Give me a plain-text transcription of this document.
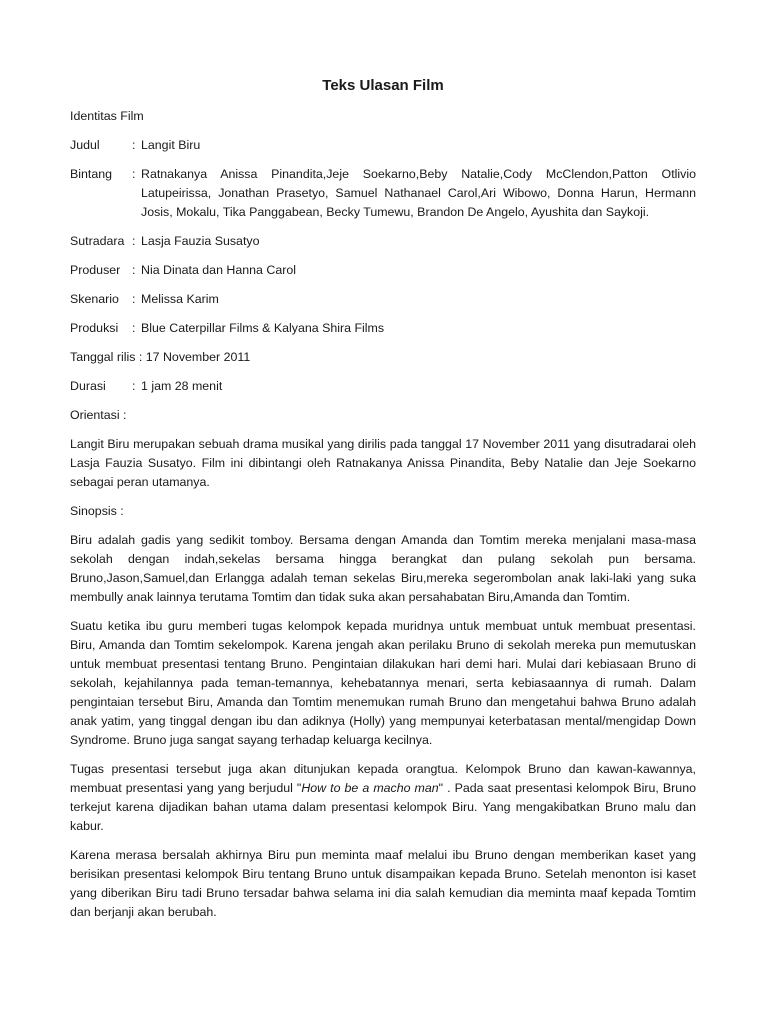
Teks Ulasan Film
Identitas Film
Judul	: Langit Biru
Bintang	: Ratnakanya Anissa Pinandita,Jeje Soekarno,Beby Natalie,Cody McClendon,Patton Otlivio Latupeirissa, Jonathan Prasetyo, Samuel Nathanael Carol,Ari Wibowo, Donna Harun, Hermann Josis, Mokalu, Tika Panggabean, Becky Tumewu, Brandon De Angelo, Ayushita dan Saykoji.
Sutradara : Lasja Fauzia Susatyo
Produser : Nia Dinata dan Hanna Carol
Skenario	: Melissa Karim
Produksi	: Blue Caterpillar Films & Kalyana Shira Films
Tanggal rilis : 17 November 2011
Durasi	: 1 jam 28 menit
Orientasi :

Langit Biru merupakan sebuah drama musikal yang dirilis pada tanggal 17 November 2011 yang disutradarai oleh Lasja Fauzia Susatyo. Film ini dibintangi oleh Ratnakanya Anissa Pinandita, Beby Natalie dan Jeje Soekarno sebagai peran utamanya.

Sinopsis :

Biru adalah gadis yang sedikit tomboy. Bersama dengan Amanda dan Tomtim mereka menjalani masa-masa sekolah dengan indah,sekelas bersama hingga berangkat dan pulang sekolah pun bersama. Bruno,Jason,Samuel,dan Erlangga adalah teman sekelas Biru,mereka segerombolan anak laki-laki yang suka membully anak lainnya terutama Tomtim dan tidak suka akan persahabatan Biru,Amanda dan Tomtim.

Suatu ketika ibu guru memberi tugas kelompok kepada muridnya untuk membuat untuk membuat presentasi. Biru, Amanda dan Tomtim sekelompok. Karena jengah akan perilaku Bruno di sekolah mereka pun memutuskan untuk membuat presentasi tentang Bruno. Pengintaian dilakukan hari demi hari. Mulai dari kebiasaan Bruno di sekolah, kejahilannya pada teman-temannya, kehebatannya menari, serta kebiasaannya di rumah. Dalam pengintaian tersebut Biru, Amanda dan Tomtim menemukan rumah Bruno dan mengetahui bahwa Bruno adalah anak yatim, yang tinggal dengan ibu dan adiknya (Holly) yang mempunyai keterbatasan mental/mengidap Down Syndrome. Bruno juga sangat sayang terhadap keluarga kecilnya.

Tugas presentasi tersebut juga akan ditunjukan kepada orangtua. Kelompok Bruno dan kawan-kawannya, membuat presentasi yang yang berjudul "How to be a macho man" . Pada saat presentasi kelompok Biru, Bruno terkejut karena dijadikan bahan utama dalam presentasi kelompok Biru. Yang mengakibatkan Bruno malu dan kabur.

Karena merasa bersalah akhirnya Biru pun meminta maaf melalui ibu Bruno dengan memberikan kaset yang berisikan presentasi kelompok Biru tentang Bruno untuk disampaikan kepada Bruno. Setelah menonton isi kaset yang diberikan Biru tadi Bruno tersadar bahwa selama ini dia salah kemudian dia meminta maaf kepada Tomtim dan berjanji akan berubah.
